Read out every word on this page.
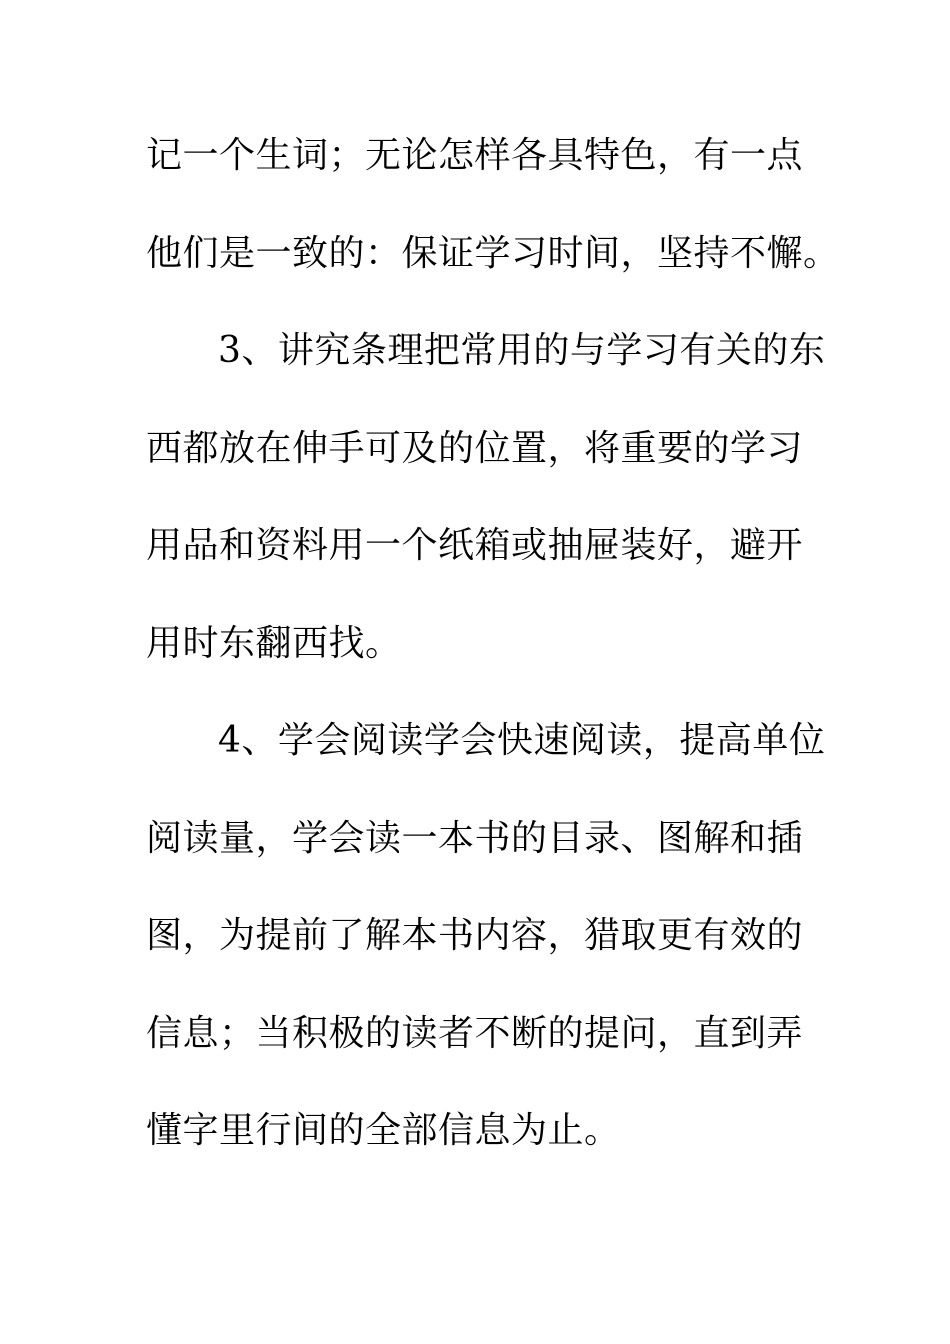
记一个生词；无论怎样各具特色，有一点
他们是一致的：保证学习时间，坚持不懈。
3、讲究条理把常用的与学习有关的东
西都放在伸手可及的位置，将重要的学习
用品和资料用一个纸箱或抽屉装好，避开
用时东翻西找。
4、学会阅读学会快速阅读，提高单位
阅读量，学会读一本书的目录、图解和插
图，为提前了解本书内容，猎取更有效的
信息；当积极的读者不断的提问，直到弄
懂字里行间的全部信息为止。
